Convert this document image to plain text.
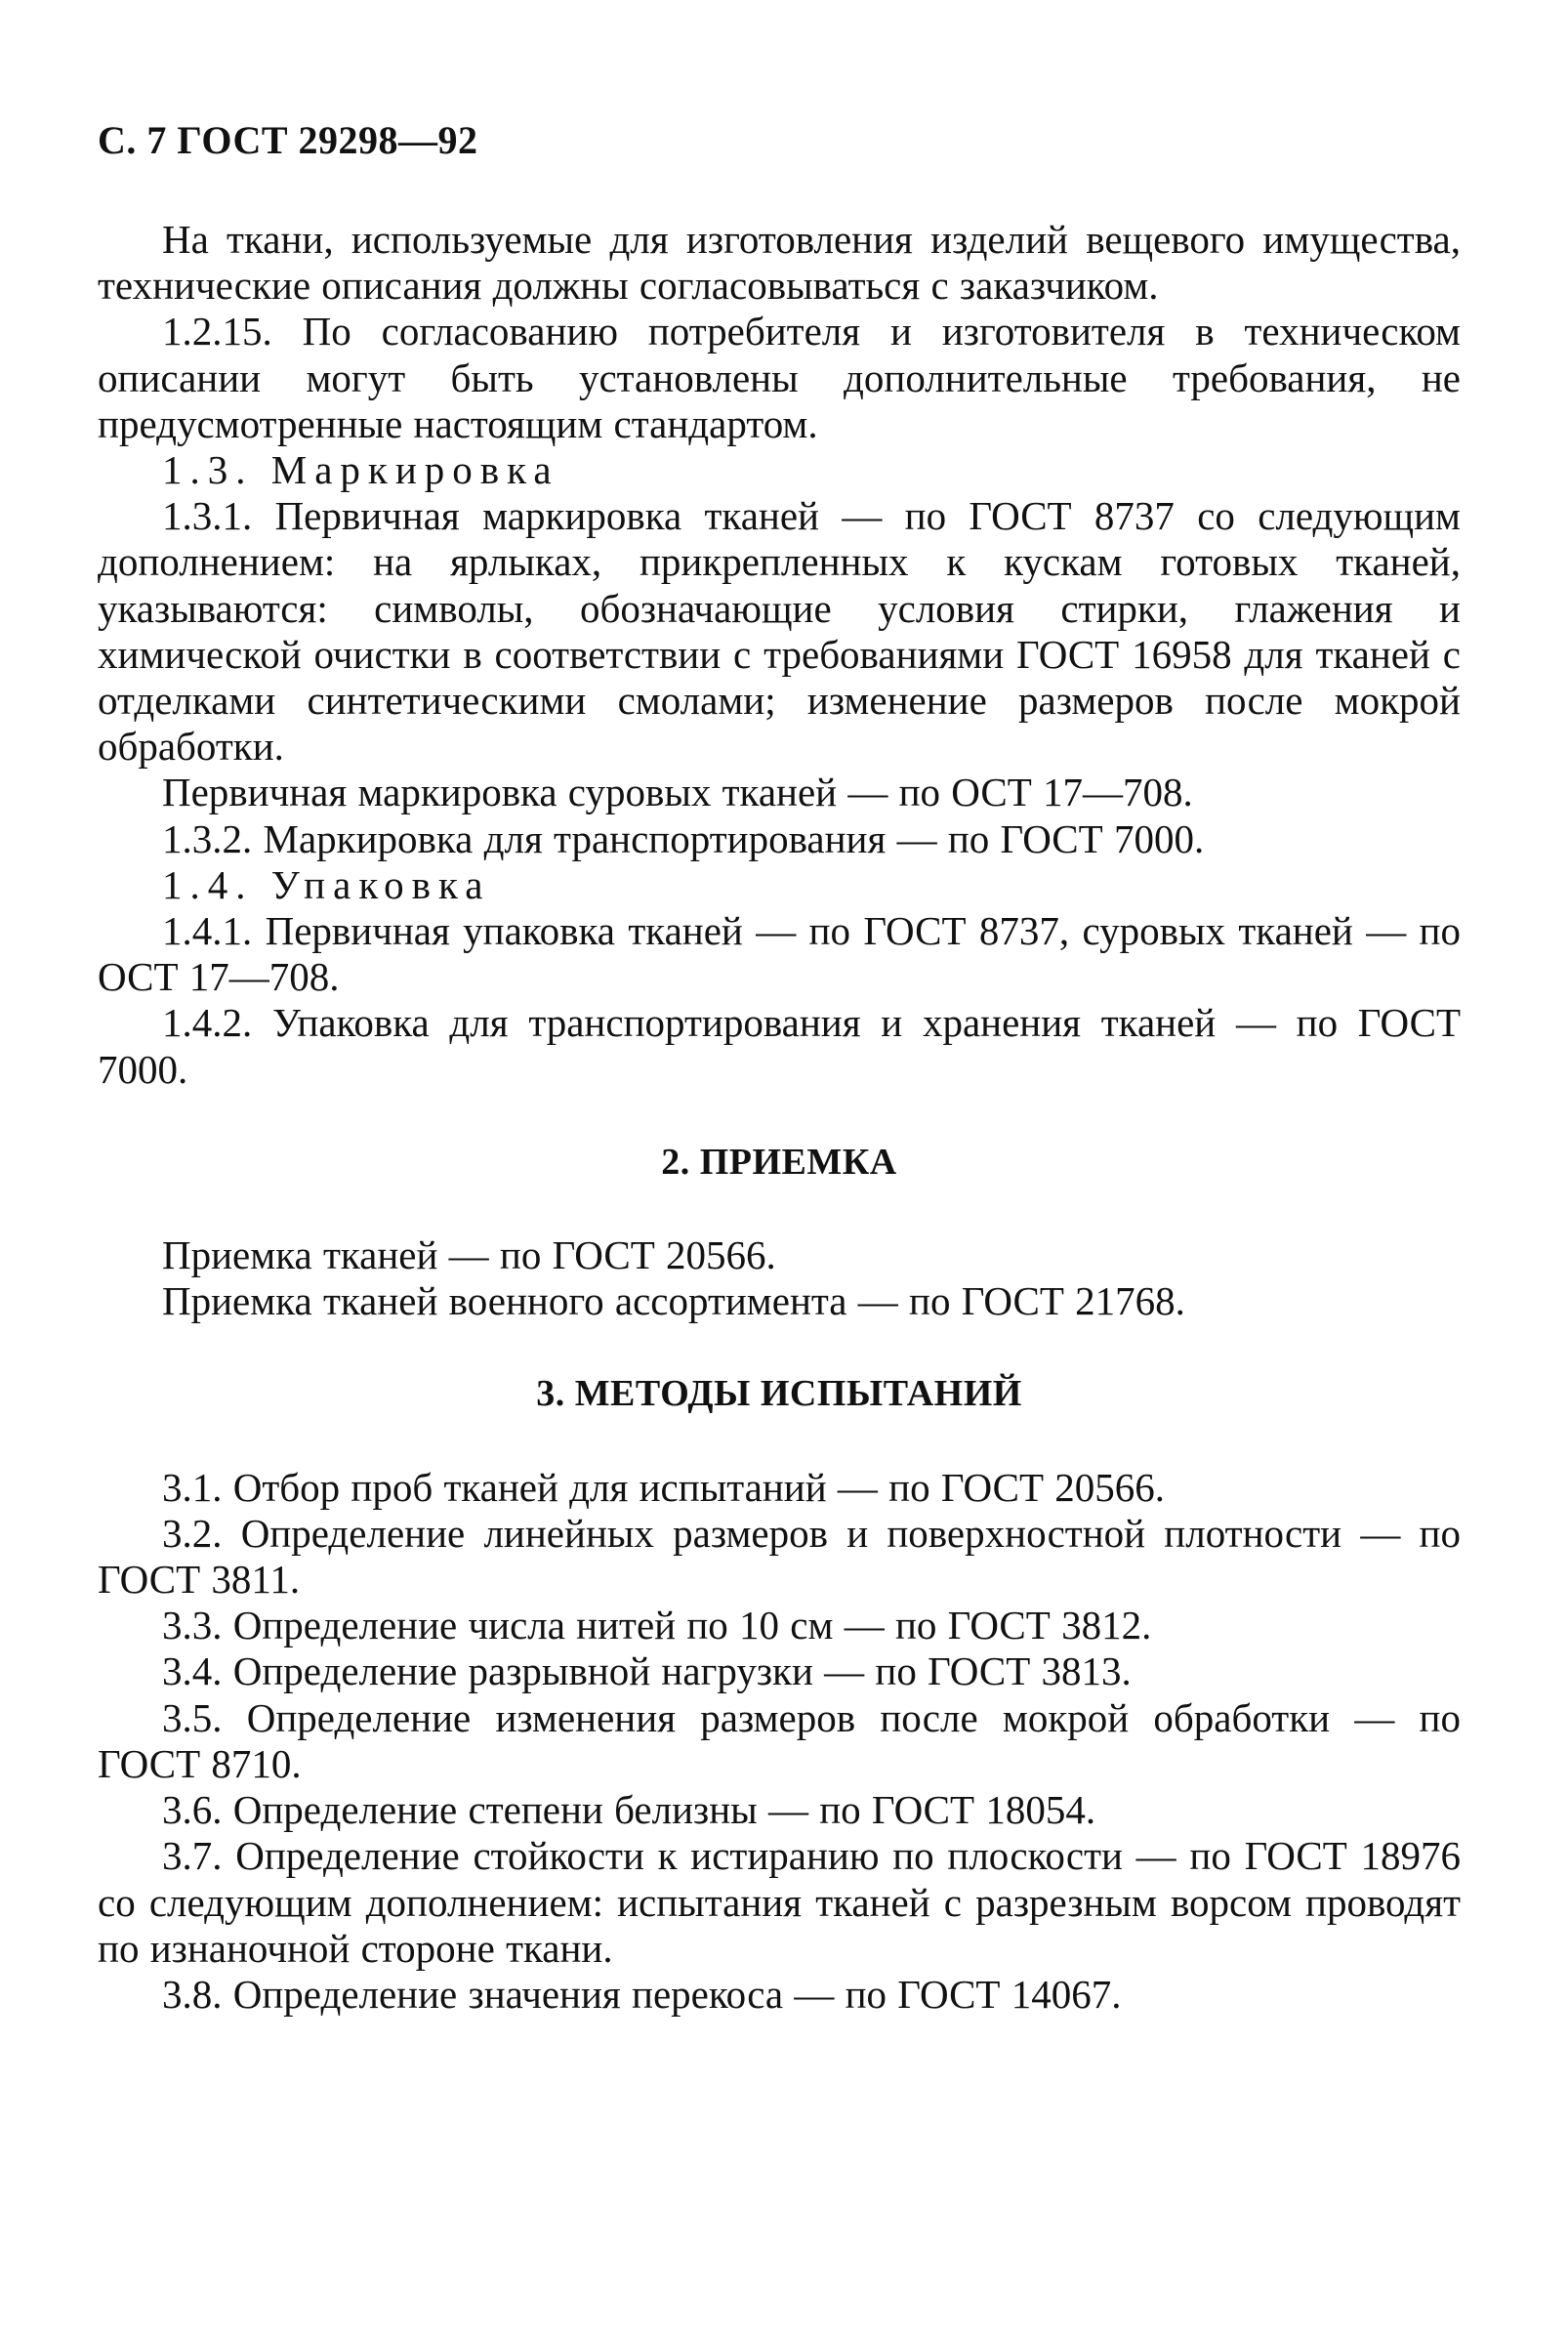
С. 7 ГОСТ 29298—92

На ткани, используемые для изготовления изделий вещевого имущества, технические описания должны согласовываться с заказчиком.

1.2.15. По согласованию потребителя и изготовителя в техническом описании могут быть установлены дополнительные требования, не предусмотренные настоящим стандартом.

1.3. Маркировка

1.3.1. Первичная маркировка тканей — по ГОСТ 8737 со следующим дополнением: на ярлыках, прикрепленных к кускам готовых тканей, указываются: символы, обозначающие условия стирки, глажения и химической очистки в соответствии с требованиями ГОСТ 16958 для тканей с отделками синтетическими смолами; изменение размеров после мокрой обработки.

Первичная маркировка суровых тканей — по ОСТ 17—708.

1.3.2. Маркировка для транспортирования — по ГОСТ 7000.

1.4. Упаковка

1.4.1. Первичная упаковка тканей — по ГОСТ 8737, суровых тканей — по ОСТ 17—708.

1.4.2. Упаковка для транспортирования и хранения тканей — по ГОСТ 7000.

2. ПРИЕМКА

Приемка тканей — по ГОСТ 20566.

Приемка тканей военного ассортимента — по ГОСТ 21768.

3. МЕТОДЫ ИСПЫТАНИЙ

3.1. Отбор проб тканей для испытаний — по ГОСТ 20566.

3.2. Определение линейных размеров и поверхностной плотности — по ГОСТ 3811.

3.3. Определение числа нитей по 10 см — по ГОСТ 3812.

3.4. Определение разрывной нагрузки — по ГОСТ 3813.

3.5. Определение изменения размеров после мокрой обработки — по ГОСТ 8710.

3.6. Определение степени белизны — по ГОСТ 18054.

3.7. Определение стойкости к истиранию по плоскости — по ГОСТ 18976 со следующим дополнением: испытания тканей с разрезным ворсом проводят по изнаночной стороне ткани.

3.8. Определение значения перекоса — по ГОСТ 14067.
